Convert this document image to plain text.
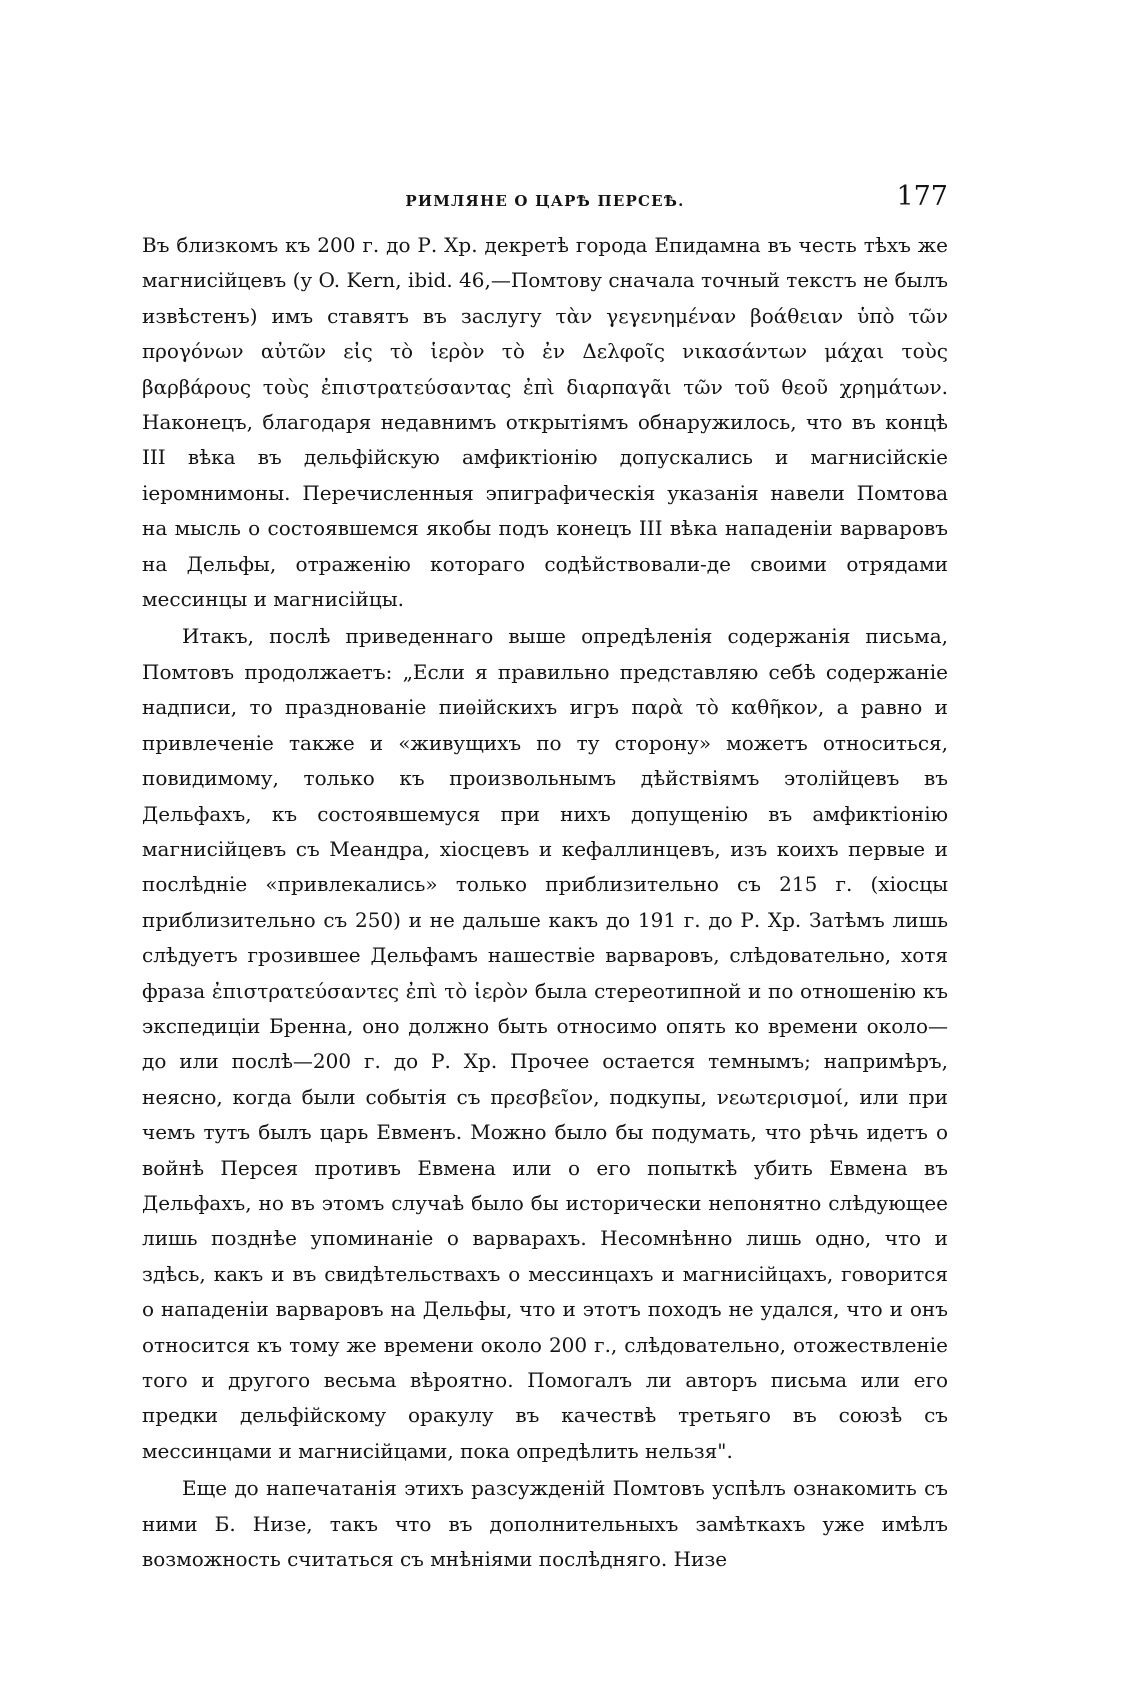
РИМЛЯНЕ О ЦАРѢ ПЕРСЕѢ.	177

Въ близкомъ къ 200 г. до Р. Хр. декретѣ города Епидамна въ честь тѣхъ же магнисійцевъ (у O. Kern, ibid. 46,—Помтову сначала точный текстъ не былъ извѣстенъ) имъ ставятъ въ заслугу τὰν γεγενημέναν βοάθειαν ὑπὸ τῶν προγόνων αὐτῶν εἰς τὸ ἱερὸν τὸ ἐν Δελφοῖς νικασάντων μάχαι τοὺς βαρβάρους τοὺς ἐπιστρατεύσαντας ἐπὶ διαρπαγᾶι τῶν τοῦ θεοῦ χρημάτων. Наконецъ, благодаря недавнимъ открытіямъ обнаружилось, что въ концѣ III вѣка въ дельфійскую амфиктіонію допускались и магнисійскіе іеромнимоны. Перечисленныя эпиграфическія указанія навели Помтова на мысль о состоявшемся якобы подъ конецъ III вѣка нападеніи варваровъ на Дельфы, отраженію котораго содѣйствовали-де своими отрядами мессинцы и магнисійцы.

Итакъ, послѣ приведеннаго выше опредѣленія содержанія письма, Помтовъ продолжаетъ: „Если я правильно представляю себѣ содержаніе надписи, то празднованіе пиѳійскихъ игръ παρὰ τὸ καθῆκον, а равно и привлеченіе также и «живущихъ по ту сторону» можетъ относиться, повидимому, только къ произвольнымъ дѣйствіямъ этолійцевъ въ Дельфахъ, къ состоявшемуся при нихъ допущенію въ амфиктіонію магнисійцевъ съ Меандра, хіосцевъ и кефаллинцевъ, изъ коихъ первые и послѣдніе «привлекались» только приблизительно съ 215 г. (хіосцы приблизительно съ 250) и не дальше какъ до 191 г. до Р. Хр. Затѣмъ лишь слѣдуетъ грозившее Дельфамъ нашествіе варваровъ, слѣдовательно, хотя фраза ἐπιστρατεύσαντες ἐπὶ τὸ ἱερὸν была стереотипной и по отношенію къ экспедиціи Бренна, оно должно быть относимо опять ко времени около—до или послѣ—200 г. до Р. Хр. Прочее остается темнымъ; напримѣръ, неясно, когда были событія съ πρεσβεῖον, подкупы, νεωτερισμοί, или при чемъ тутъ былъ царь Евменъ. Можно было бы подумать, что рѣчь идетъ о войнѣ Персея противъ Евмена или о его попыткѣ убить Евмена въ Дельфахъ, но въ этомъ случаѣ было бы исторически непонятно слѣдующее лишь позднѣе упоминаніе о варварахъ. Несомнѣнно лишь одно, что и здѣсь, какъ и въ свидѣтельствахъ о мессинцахъ и магнисійцахъ, говорится о нападеніи варваровъ на Дельфы, что и этотъ походъ не удался, что и онъ относится къ тому же времени около 200 г., слѣдовательно, отожествленіе того и другого весьма вѣроятно. Помогалъ ли авторъ письма или его предки дельфійскому оракулу въ качествѣ третьяго въ союзѣ съ мессинцами и магнисійцами, пока опредѣлить нельзя".

Еще до напечатанія этихъ разсужденій Помтовъ успѣлъ ознакомить съ ними Б. Низе, такъ что въ дополнительныхъ замѣткахъ уже имѣлъ возможность считаться съ мнѣніями послѣдняго. Низе
